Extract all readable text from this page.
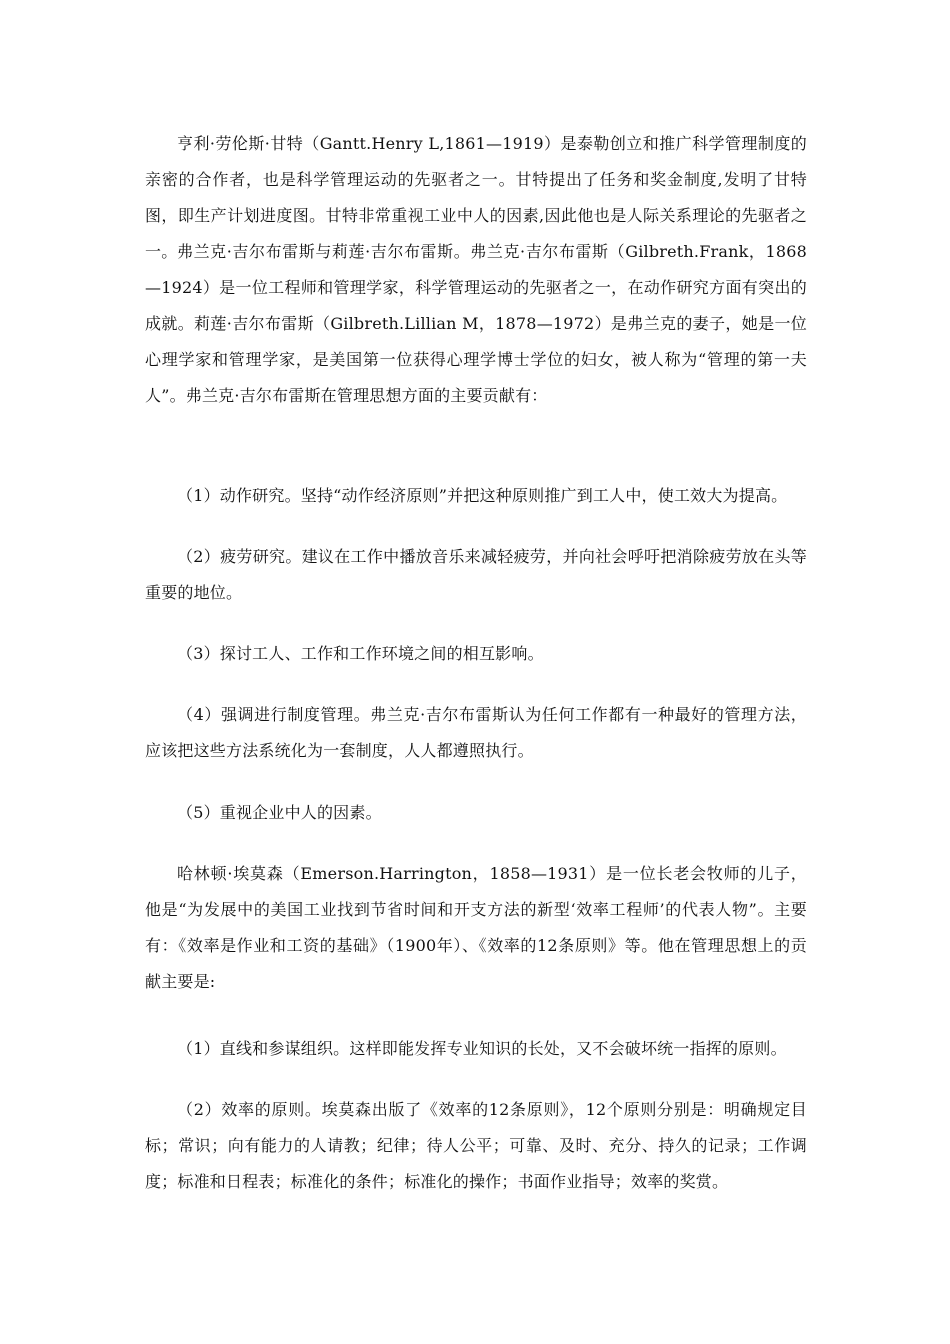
亨利·劳伦斯·甘特（Gantt.Henry L,1861—1919）是泰勒创立和推广科学管理制度的亲密的合作者，也是科学管理运动的先驱者之一。甘特提出了任务和奖金制度,发明了甘特图，即生产计划进度图。甘特非常重视工业中人的因素,因此他也是人际关系理论的先驱者之一。 弗兰克·吉尔布雷斯与莉莲·吉尔布雷斯。弗兰克·吉尔布雷斯（Gilbreth.Frank，1868—1924）是一位工程师和管理学家，科学管理运动的先驱者之一，在动作研究方面有突出的成就。莉莲·吉尔布雷斯（Gilbreth.Lillian M，1878—1972）是弗兰克的妻子，她是一位心理学家和管理学家，是美国第一位获得心理学博士学位的妇女，被人称为“管理的第一夫人”。弗兰克·吉尔布雷斯在管理思想方面的主要贡献有：

（1）动作研究。坚持“动作经济原则”并把这种原则推广到工人中，使工效大为提高。

（2）疲劳研究。建议在工作中播放音乐来减轻疲劳，并向社会呼吁把消除疲劳放在头等重要的地位。

（3）探讨工人、工作和工作环境之间的相互影响。

（4）强调进行制度管理。弗兰克·吉尔布雷斯认为任何工作都有一种最好的管理方法，应该把这些方法系统化为一套制度，人人都遵照执行。

（5）重视企业中人的因素。

哈林顿·埃莫森（Emerson.Harrington，1858—1931）是一位长老会牧师的儿子，他是“为发展中的美国工业找到节省时间和开支方法的新型‘效率工程师’的代表人物”。主要有：《效率是作业和工资的基础》（1900年）、《效率的12条原则》等。他在管理思想上的贡献主要是:

（1）直线和参谋组织。这样即能发挥专业知识的长处，又不会破坏统一指挥的原则。

（2）效率的原则。埃莫森出版了《效率的12条原则》，12个原则分别是：明确规定目标；常识；向有能力的人请教；纪律；待人公平；可靠、及时、充分、持久的记录；工作调度；标准和日程表；标准化的条件；标准化的操作；书面作业指导；效率的奖赏。
